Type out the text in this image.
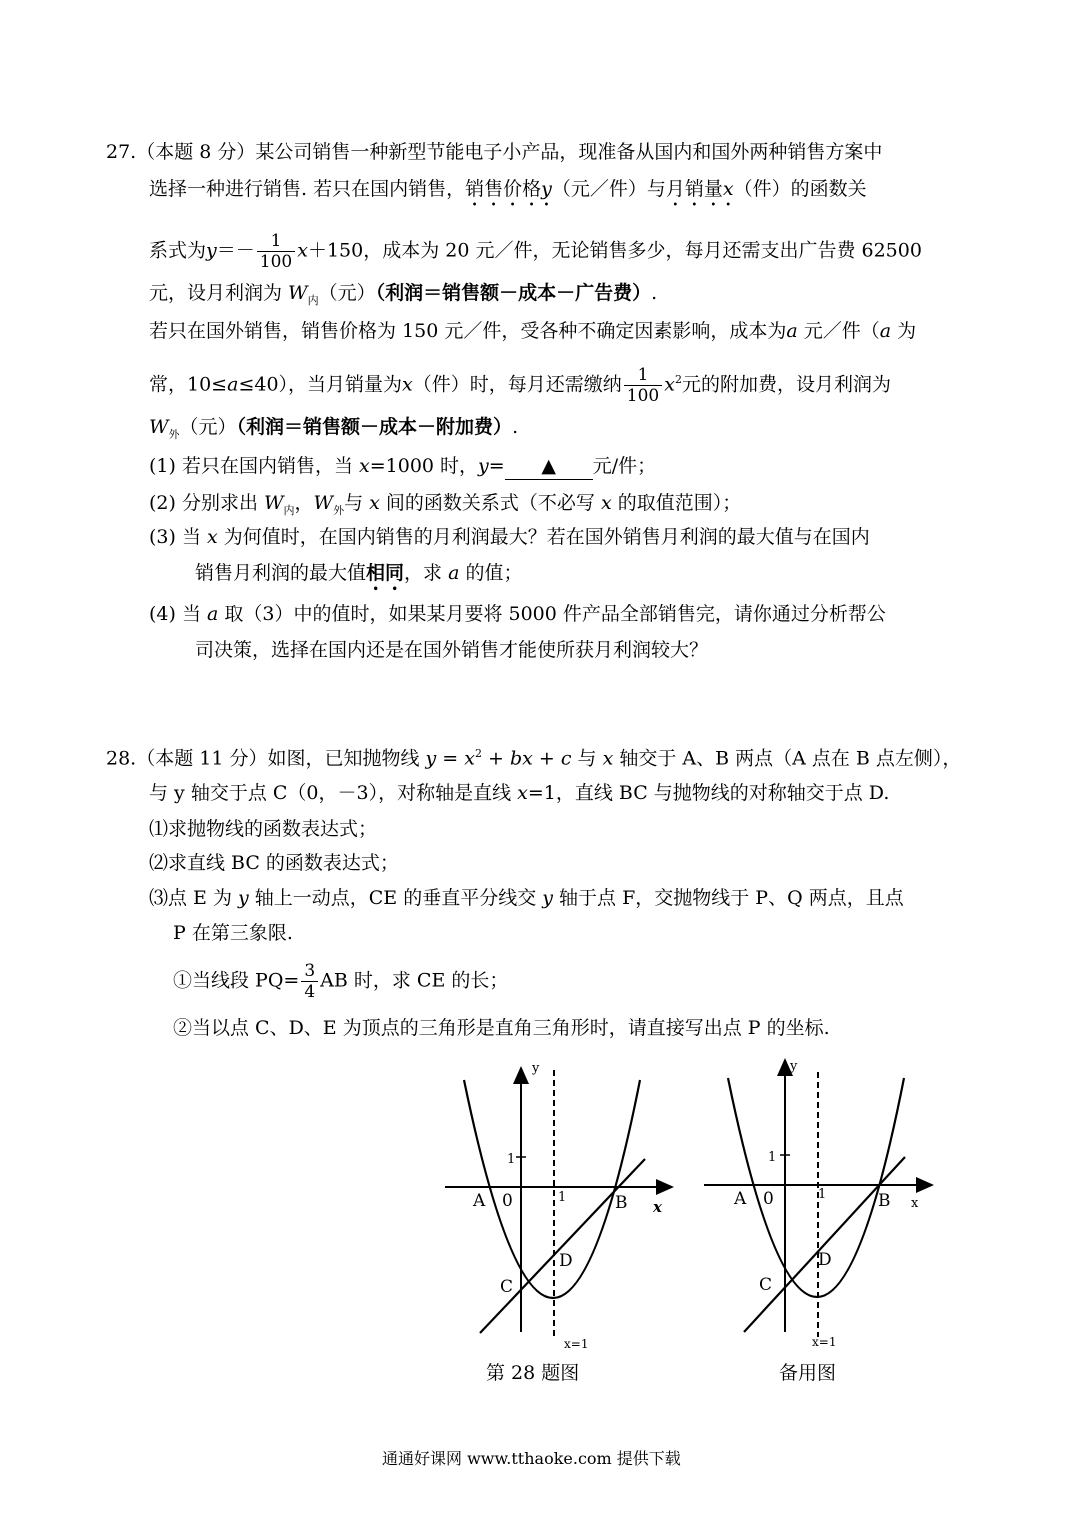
27.（本题 8 分）某公司销售一种新型节能电子小产品，现准备从国内和国外两种销售方案中
选择一种进行销售. 若只在国内销售，销售价格y（元／件）与月销量x（件）的函数关
系式为$y=- \frac{1}{100} x+150$，成本为 20 元／件，无论销售多少，每月还需支出广告费 62500
元，设月利润为 $W_内$（元）（利润＝销售额－成本－广告费）.
若只在国外销售，销售价格为 150 元／件，受各种不确定因素影响，成本为a 元／件（a 为
常，10≤a≤40），当月销量为x（件）时，每月还需缴纳 $\frac{1}{100} x^2$元的附加费，设月利润为
$W_外$（元）（利润＝销售额－成本－附加费）.
(1) 若只在国内销售，当 x=1000 时，y= ▲ 元/件；
(2) 分别求出 $W_内$，$W_外$与 x 间的函数关系式（不必写 x 的取值范围）；
(3) 当 x 为何值时，在国内销售的月利润最大？若在国外销售月利润的最大值与在国内
销售月利润的最大值相同，求 a 的值；
(4) 当 a 取（3）中的值时，如果某月要将 5000 件产品全部销售完，请你通过分析帮公
司决策，选择在国内还是在国外销售才能使所获月利润较大？
28.（本题 11 分）如图，已知抛物线 $y = x^2$ + bx + c 与 x 轴交于 A、B 两点（A 点在 B 点左侧），
与 y 轴交于点 C（0，－3），对称轴是直线 x=1，直线 BC 与抛物线的对称轴交于点 D.
⑴求抛物线的函数表达式；
⑵求直线 BC 的函数表达式；
⑶点 E 为 y 轴上一动点，CE 的垂直平分线交 y 轴于点 F，交抛物线于 P、Q 两点，且点
P 在第三象限.
①当线段 $PQ= \frac{3}{4}$ AB 时，求 CE 的长；
②当以点 C、D、E 为顶点的三角形是直角三角形时，请直接写出点 P 的坐标.
y
x
1
1
A 0	B
C
D
x=1
第 28 题图
y
x
1
1
A 0	B
C
D
x=1
备用图
通通好课网 www.tthaoke.com 提供下载
